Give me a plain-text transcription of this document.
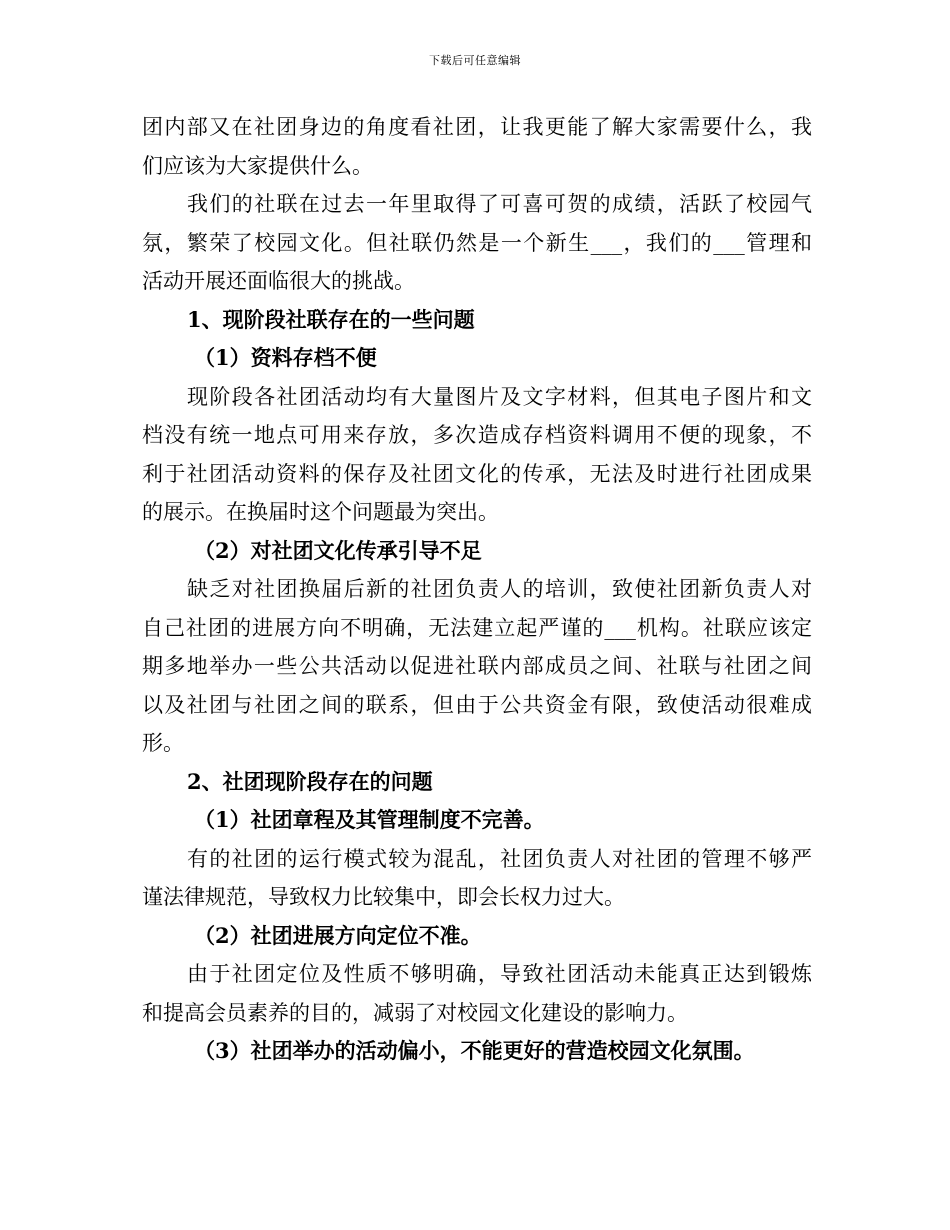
下载后可任意编辑
团内部又在社团身边的角度看社团，让我更能了解大家需要什么，我
们应该为大家提供什么。
我们的社联在过去一年里取得了可喜可贺的成绩，活跃了校园气
氛，繁荣了校园文化。但社联仍然是一个新生___，我们的___管理和
活动开展还面临很大的挑战。
1、现阶段社联存在的一些问题
（1）资料存档不便
现阶段各社团活动均有大量图片及文字材料，但其电子图片和文
档没有统一地点可用来存放，多次造成存档资料调用不便的现象，不
利于社团活动资料的保存及社团文化的传承，无法及时进行社团成果
的展示。在换届时这个问题最为突出。
（2）对社团文化传承引导不足
缺乏对社团换届后新的社团负责人的培训，致使社团新负责人对
自己社团的进展方向不明确，无法建立起严谨的___机构。社联应该定
期多地举办一些公共活动以促进社联内部成员之间、社联与社团之间
以及社团与社团之间的联系，但由于公共资金有限，致使活动很难成
形。
2、社团现阶段存在的问题
（1）社团章程及其管理制度不完善。
有的社团的运行模式较为混乱，社团负责人对社团的管理不够严
谨法律规范，导致权力比较集中，即会长权力过大。
（2）社团进展方向定位不准。
由于社团定位及性质不够明确，导致社团活动未能真正达到锻炼
和提高会员素养的目的，减弱了对校园文化建设的影响力。
（3）社团举办的活动偏小，不能更好的营造校园文化氛围。
